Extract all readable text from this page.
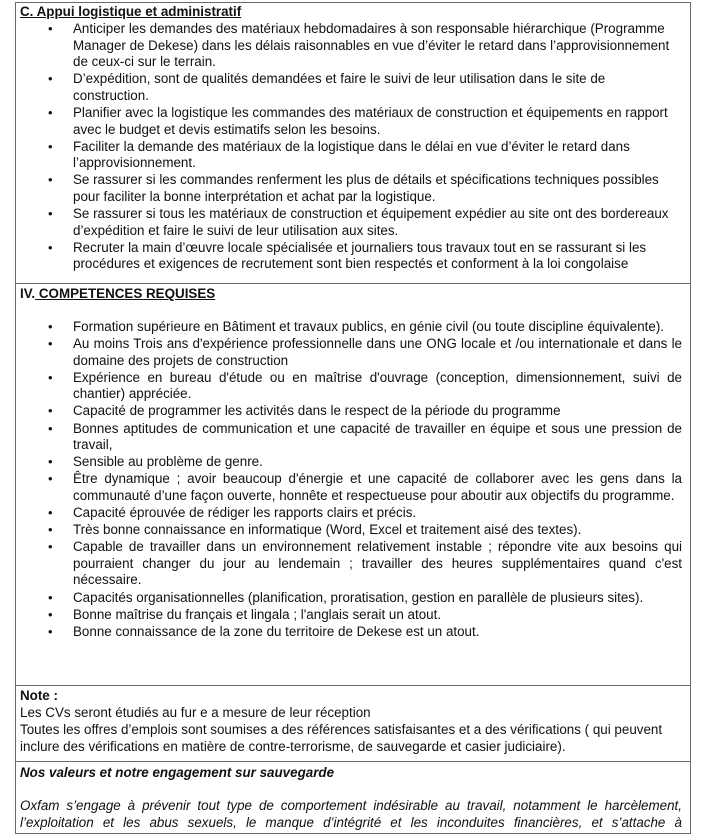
C. Appui logistique et administratif

• Anticiper les demandes des matériaux hebdomadaires à son responsable hiérarchique (Programme Manager de Dekese) dans les délais raisonnables en vue d’éviter le retard dans l’approvisionnement de ceux-ci sur le terrain.
• D’expédition, sont de qualités demandées et faire le suivi de leur utilisation dans le site de construction.
• Planifier avec la logistique les commandes des matériaux de construction et équipements en rapport avec le budget et devis estimatifs selon les besoins.
• Faciliter la demande des matériaux de la logistique dans le délai en vue d’éviter le retard dans l’approvisionnement.
• Se rassurer si les commandes renferment les plus de détails et spécifications techniques possibles pour faciliter la bonne interprétation et achat par la logistique.
• Se rassurer si tous les matériaux de construction et équipement expédier au site ont des bordereaux d’expédition et faire le suivi de leur utilisation aux sites.
• Recruter la main d’œuvre locale spécialisée et journaliers tous travaux tout en se rassurant si les procédures et exigences de recrutement sont bien respectés et conforment à la loi congolaise

IV. COMPETENCES REQUISES

• Formation supérieure en Bâtiment et travaux publics, en génie civil (ou toute discipline équivalente).
• Au moins Trois ans d'expérience professionnelle dans une ONG locale et /ou internationale et dans le domaine des projets de construction
• Expérience en bureau d'étude ou en maîtrise d'ouvrage (conception, dimensionnement, suivi de chantier) appréciée.
• Capacité de programmer les activités dans le respect de la période du programme
• Bonnes aptitudes de communication et une capacité de travailler en équipe et sous une pression de travail,
• Sensible au problème de genre.
• Être dynamique ; avoir beaucoup d'énergie et une capacité de collaborer avec les gens dans la communauté d’une façon ouverte, honnête et respectueuse pour aboutir aux objectifs du programme.
• Capacité éprouvée de rédiger les rapports clairs et précis.
• Très bonne connaissance en informatique (Word, Excel et traitement aisé des textes).
• Capable de travailler dans un environnement relativement instable ; répondre vite aux besoins qui pourraient changer du jour au lendemain ; travailler des heures supplémentaires quand c'est nécessaire.
• Capacités organisationnelles (planification, proratisation, gestion en parallèle de plusieurs sites).
• Bonne maîtrise du français et lingala ; l'anglais serait un atout.
• Bonne connaissance de la zone du territoire de Dekese est un atout.

Note :

Les CVs seront étudiés au fur e a mesure de leur réception

Toutes les offres d’emplois sont soumises a des références satisfaisantes et a des vérifications ( qui peuvent inclure des vérifications en matière de contre-terrorisme, de sauvegarde et casier judiciaire).

Nos valeurs et notre engagement sur sauvegarde

Oxfam s’engage à prévenir tout type de comportement indésirable au travail, notamment le harcèlement, l’exploitation et les abus sexuels, le manque d’intégrité et les inconduites financières, et s’attache à
